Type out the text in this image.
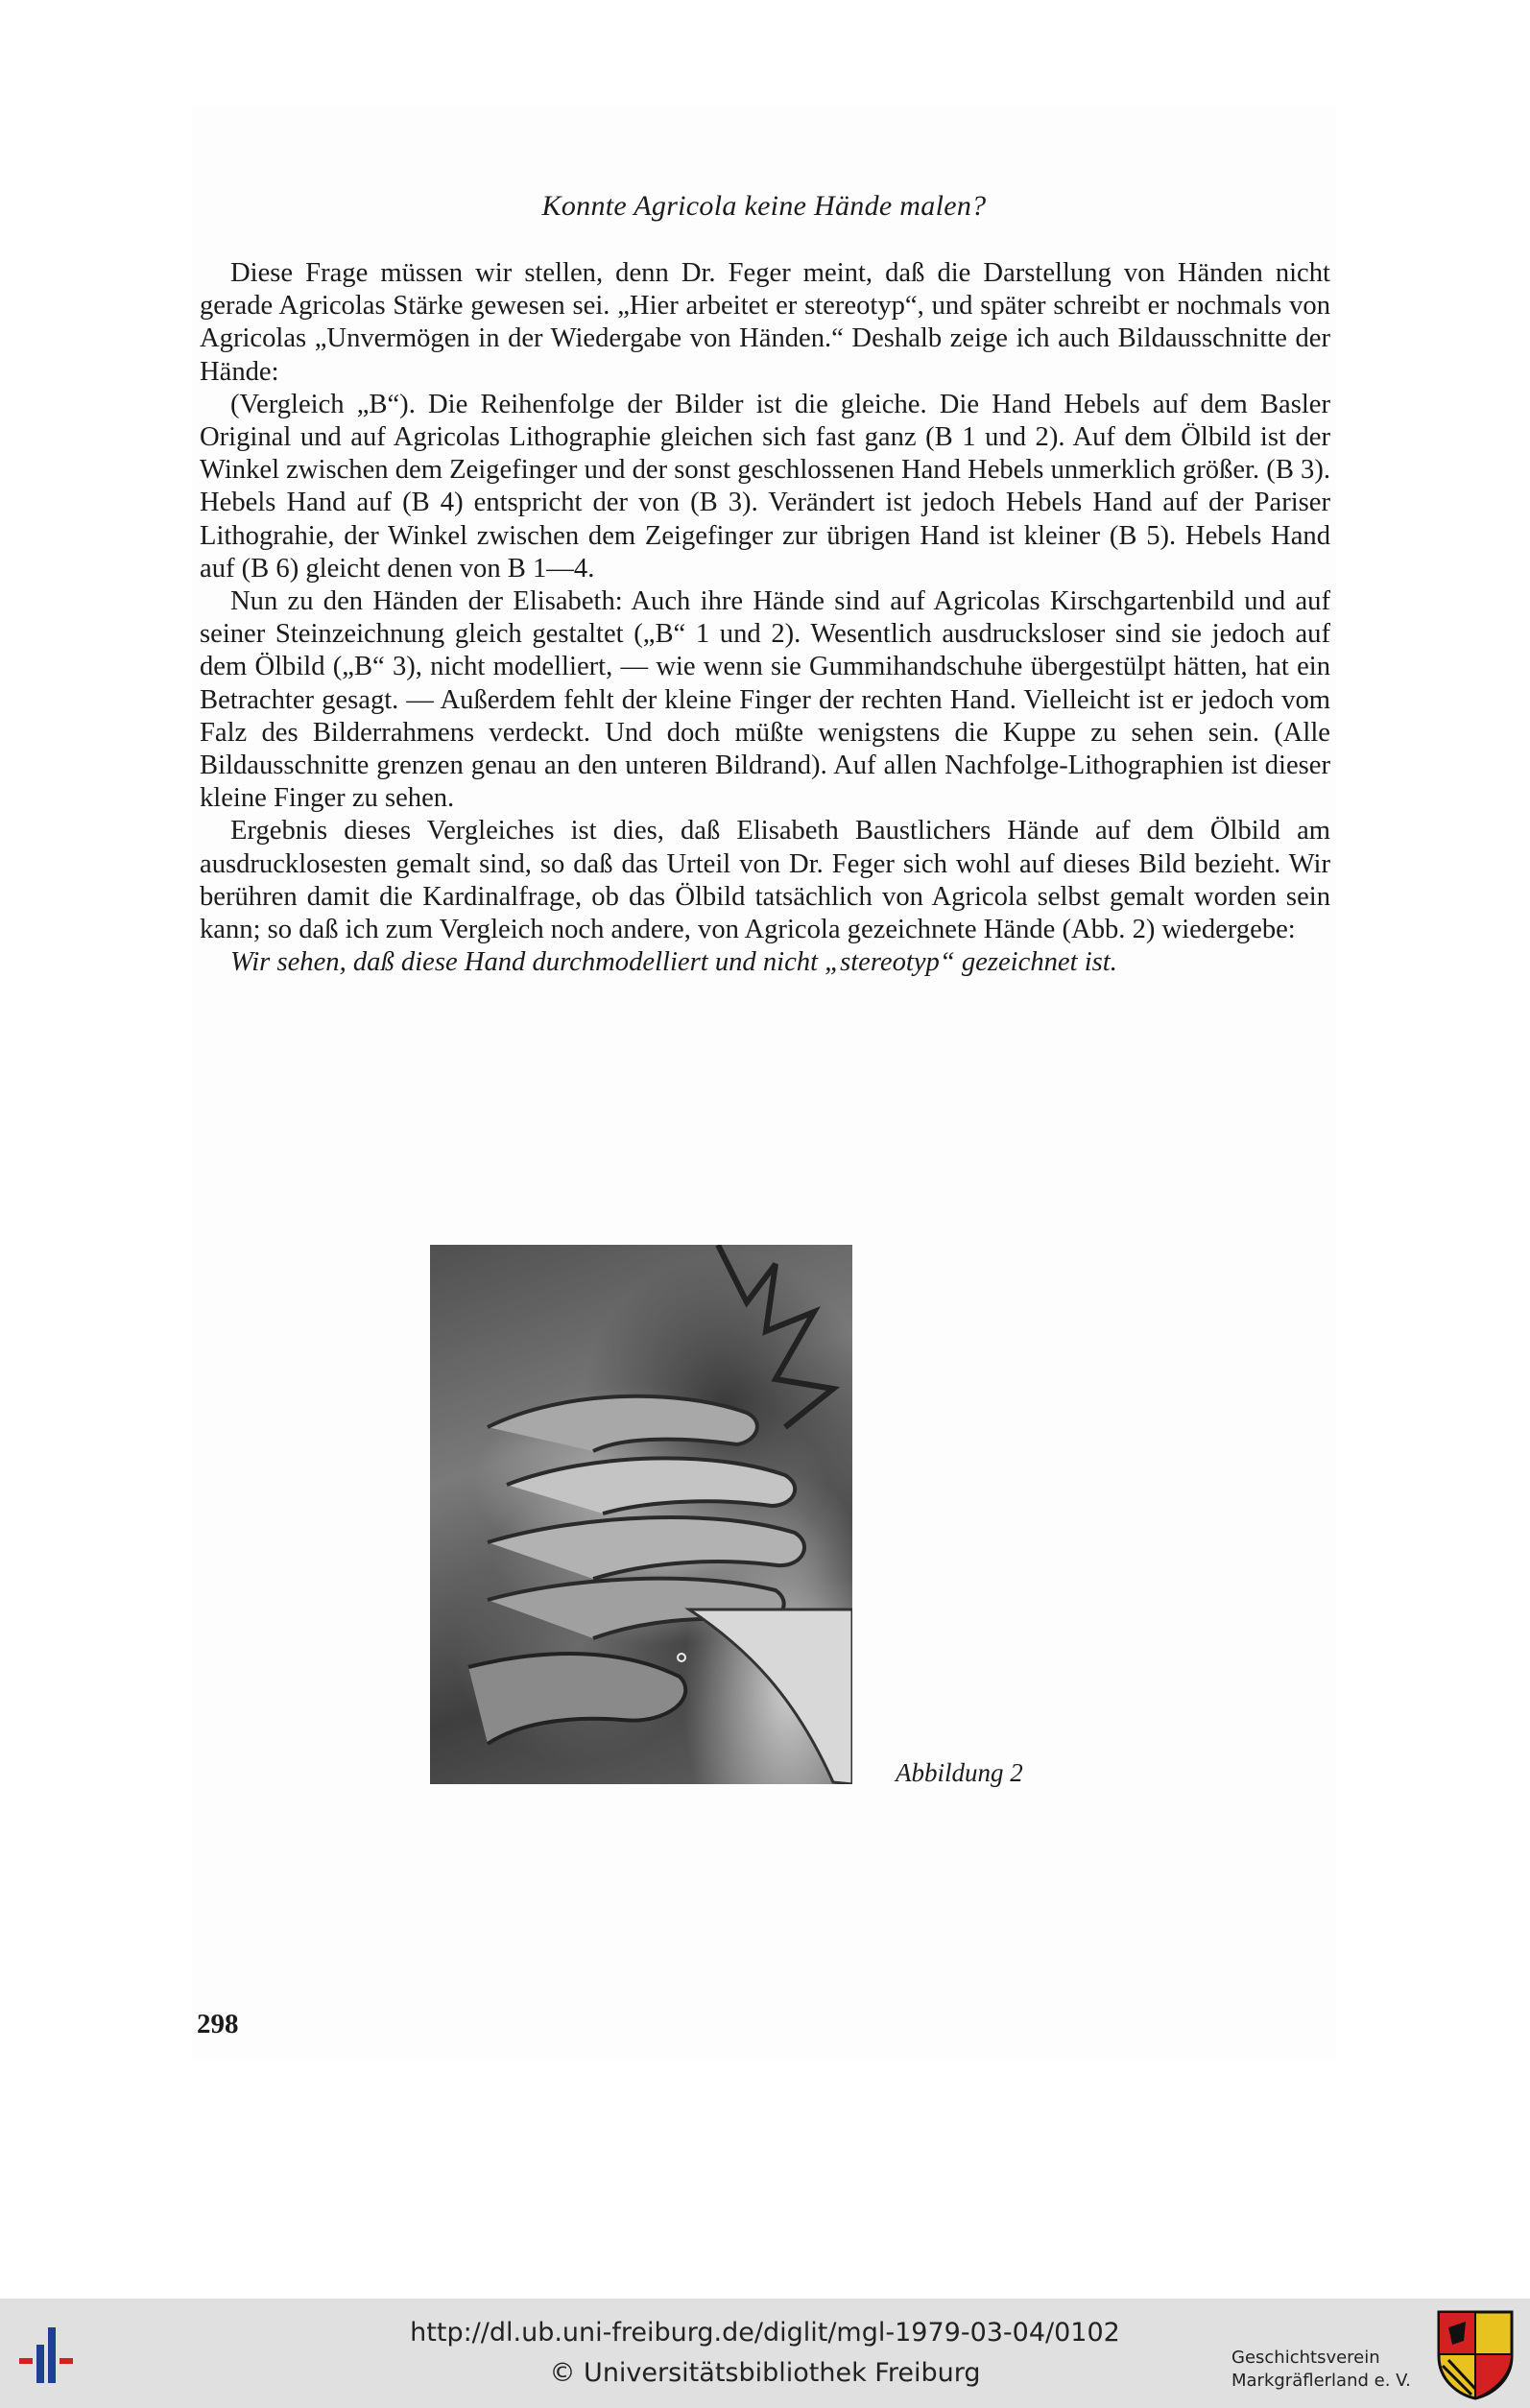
Konnte Agricola keine Hände malen?

Diese Frage müssen wir stellen, denn Dr. Feger meint, daß die Darstellung von Händen nicht gerade Agricolas Stärke gewesen sei. „Hier arbeitet er stereotyp“, und später schreibt er nochmals von Agricolas „Unvermögen in der Wiedergabe von Händen.“ Deshalb zeige ich auch Bildausschnitte der Hände:

(Vergleich „B“). Die Reihenfolge der Bilder ist die gleiche. Die Hand Hebels auf dem Basler Original und auf Agricolas Lithographie gleichen sich fast ganz (B 1 und 2). Auf dem Ölbild ist der Winkel zwischen dem Zeigefinger und der sonst geschlossenen Hand Hebels unmerklich größer. (B 3). Hebels Hand auf (B 4) entspricht der von (B 3). Verändert ist jedoch Hebels Hand auf der Pariser Lithograhie, der Winkel zwischen dem Zeigefinger zur übrigen Hand ist kleiner (B 5). Hebels Hand auf (B 6) gleicht denen von B 1—4.

Nun zu den Händen der Elisabeth: Auch ihre Hände sind auf Agricolas Kirschgartenbild und auf seiner Steinzeichnung gleich gestaltet („B“ 1 und 2). Wesentlich ausdrucksloser sind sie jedoch auf dem Ölbild („B“ 3), nicht modelliert, — wie wenn sie Gummihandschuhe übergestülpt hätten, hat ein Betrachter gesagt. — Außerdem fehlt der kleine Finger der rechten Hand. Vielleicht ist er jedoch vom Falz des Bilderrahmens verdeckt. Und doch müßte wenigstens die Kuppe zu sehen sein. (Alle Bildausschnitte grenzen genau an den unteren Bildrand). Auf allen Nachfolge-Lithographien ist dieser kleine Finger zu sehen.

Ergebnis dieses Vergleiches ist dies, daß Elisabeth Baustlichers Hände auf dem Ölbild am ausdrucklosesten gemalt sind, so daß das Urteil von Dr. Feger sich wohl auf dieses Bild bezieht. Wir berühren damit die Kardinalfrage, ob das Ölbild tatsächlich von Agricola selbst gemalt worden sein kann; so daß ich zum Vergleich noch andere, von Agricola gezeichnete Hände (Abb. 2) wiedergebe:

Wir sehen, daß diese Hand durchmodelliert und nicht „stereotyp“ gezeichnet ist.

Abbildung 2
298
http://dl.ub.uni-freiburg.de/diglit/mgl-1979-03-04/0102
© Universitätsbibliothek Freiburg
Geschichtsverein
Markgräflerland e. V.
